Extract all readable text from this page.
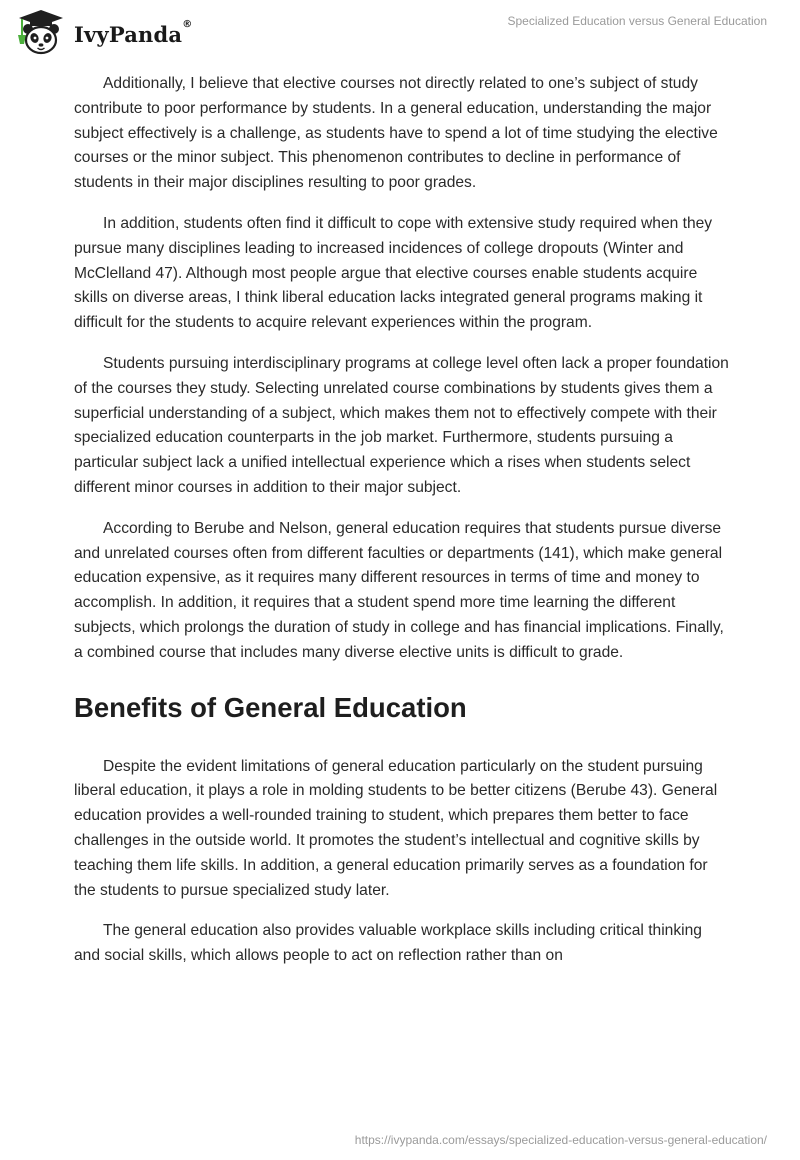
IvyPanda®	Specialized Education versus General Education

Additionally, I believe that elective courses not directly related to one’s subject of study contribute to poor performance by students. In a general education, understanding the major subject effectively is a challenge, as students have to spend a lot of time studying the elective courses or the minor subject. This phenomenon contributes to decline in performance of students in their major disciplines resulting to poor grades.

In addition, students often find it difficult to cope with extensive study required when they pursue many disciplines leading to increased incidences of college dropouts (Winter and McClelland 47). Although most people argue that elective courses enable students acquire skills on diverse areas, I think liberal education lacks integrated general programs making it difficult for the students to acquire relevant experiences within the program.

Students pursuing interdisciplinary programs at college level often lack a proper foundation of the courses they study. Selecting unrelated course combinations by students gives them a superficial understanding of a subject, which makes them not to effectively compete with their specialized education counterparts in the job market. Furthermore, students pursuing a particular subject lack a unified intellectual experience which a rises when students select different minor courses in addition to their major subject.

According to Berube and Nelson, general education requires that students pursue diverse and unrelated courses often from different faculties or departments (141), which make general education expensive, as it requires many different resources in terms of time and money to accomplish. In addition, it requires that a student spend more time learning the different subjects, which prolongs the duration of study in college and has financial implications. Finally, a combined course that includes many diverse elective units is difficult to grade.

Benefits of General Education

Despite the evident limitations of general education particularly on the student pursuing liberal education, it plays a role in molding students to be better citizens (Berube 43). General education provides a well-rounded training to student, which prepares them better to face challenges in the outside world. It promotes the student’s intellectual and cognitive skills by teaching them life skills. In addition, a general education primarily serves as a foundation for the students to pursue specialized study later.

The general education also provides valuable workplace skills including critical thinking and social skills, which allows people to act on reflection rather than on

https://ivypanda.com/essays/specialized-education-versus-general-education/
